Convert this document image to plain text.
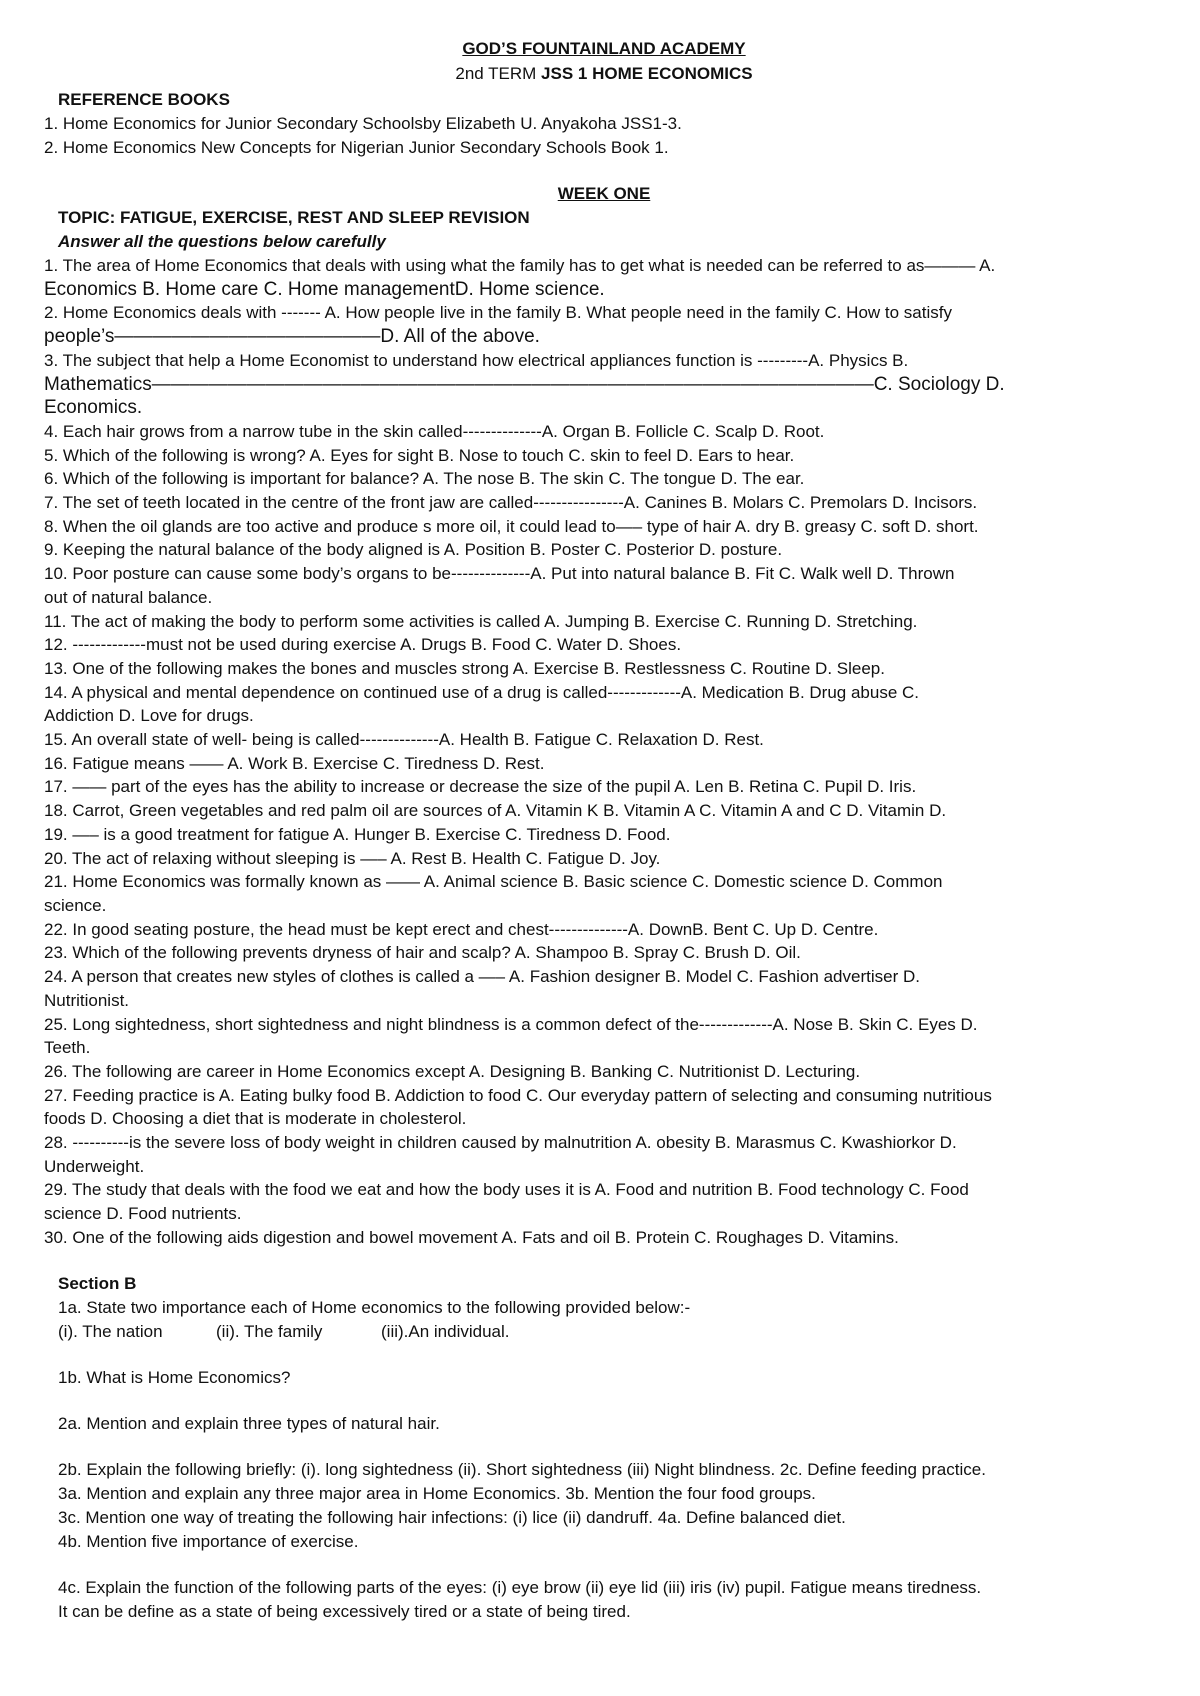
GOD’S FOUNTAINLAND ACADEMY
2nd TERM JSS 1 HOME ECONOMICS
REFERENCE BOOKS
1. Home Economics for Junior Secondary Schoolsby Elizabeth U. Anyakoha JSS1-3.
2. Home Economics New Concepts for Nigerian Junior Secondary Schools Book 1.
WEEK ONE
TOPIC: FATIGUE, EXERCISE, REST AND SLEEP REVISION
Answer all the questions below carefully
1. The area of Home Economics that deals with using what the family has to get what is needed can be referred to as——— A.
Economics B. Home care C. Home managementD. Home science.
2. Home Economics deals with ------- A. How people live in the family B. What people need in the family C. How to satisfy
people’s——————————————D. All of the above.
3. The subject that help a Home Economist to understand how electrical appliances function is ---------A. Physics B.
Mathematics——————————————————————————————————————C. Sociology D.
Economics.
4. Each hair grows from a narrow tube in the skin called--------------A. Organ B. Follicle C. Scalp D. Root.
5. Which of the following is wrong? A. Eyes for sight B. Nose to touch C. skin to feel D. Ears to hear.
6. Which of the following is important for balance? A. The nose B. The skin C. The tongue D. The ear.
7. The set of teeth located in the centre of the front jaw are called----------------A. Canines B. Molars C. Premolars D. Incisors.
8. When the oil glands are too active and produce s more oil, it could lead to—– type of hair A. dry B. greasy C. soft D. short.
9. Keeping the natural balance of the body aligned is A. Position B. Poster C. Posterior D. posture.
10. Poor posture can cause some body’s organs to be--------------A. Put into natural balance B. Fit C. Walk well D. Thrown
out of natural balance.
11. The act of making the body to perform some activities is called A. Jumping B. Exercise C. Running D. Stretching.
12. -------------must not be used during exercise A. Drugs B. Food C. Water D. Shoes.
13. One of the following makes the bones and muscles strong A. Exercise B. Restlessness C. Routine D. Sleep.
14. A physical and mental dependence on continued use of a drug is called-------------A. Medication B. Drug abuse C.
Addiction D. Love for drugs.
15. An overall state of well- being is called--------------A. Health B. Fatigue C. Relaxation D. Rest.
16. Fatigue means —— A. Work B. Exercise C. Tiredness D. Rest.
17. —— part of the eyes has the ability to increase or decrease the size of the pupil A. Len B. Retina C. Pupil D. Iris.
18. Carrot, Green vegetables and red palm oil are sources of A. Vitamin K B. Vitamin A C. Vitamin A and C D. Vitamin D.
19. —– is a good treatment for fatigue A. Hunger B. Exercise C. Tiredness D. Food.
20. The act of relaxing without sleeping is —– A. Rest B. Health C. Fatigue D. Joy.
21. Home Economics was formally known as —— A. Animal science B. Basic science C. Domestic science D. Common
science.
22. In good seating posture, the head must be kept erect and chest--------------A. DownB. Bent C. Up D. Centre.
23. Which of the following prevents dryness of hair and scalp? A. Shampoo B. Spray C. Brush D. Oil.
24. A person that creates new styles of clothes is called a —– A. Fashion designer B. Model C. Fashion advertiser D.
Nutritionist.
25. Long sightedness, short sightedness and night blindness is a common defect of the-------------A. Nose B. Skin C. Eyes D.
Teeth.
26. The following are career in Home Economics except A. Designing B. Banking C. Nutritionist D. Lecturing.
27. Feeding practice is A. Eating bulky food B. Addiction to food C. Our everyday pattern of selecting and consuming nutritious
foods D. Choosing a diet that is moderate in cholesterol.
28. ----------is the severe loss of body weight in children caused by malnutrition A. obesity B. Marasmus C. Kwashiorkor D.
Underweight.
29. The study that deals with the food we eat and how the body uses it is A. Food and nutrition B. Food technology C. Food
science D. Food nutrients.
30. One of the following aids digestion and bowel movement A. Fats and oil B. Protein C. Roughages D. Vitamins.
Section B
1a. State two importance each of Home economics to the following provided below:-
(i). The nation	(ii). The family	(iii).An individual.
1b. What is Home Economics?
2a. Mention and explain three types of natural hair.
2b. Explain the following briefly: (i). long sightedness (ii). Short sightedness (iii) Night blindness. 2c. Define feeding practice.
3a. Mention and explain any three major area in Home Economics. 3b. Mention the four food groups.
3c. Mention one way of treating the following hair infections: (i) lice (ii) dandruff. 4a. Define balanced diet.
4b. Mention five importance of exercise.
4c. Explain the function of the following parts of the eyes: (i) eye brow (ii) eye lid (iii) iris (iv) pupil. Fatigue means tiredness.
It can be define as a state of being excessively tired or a state of being tired.
